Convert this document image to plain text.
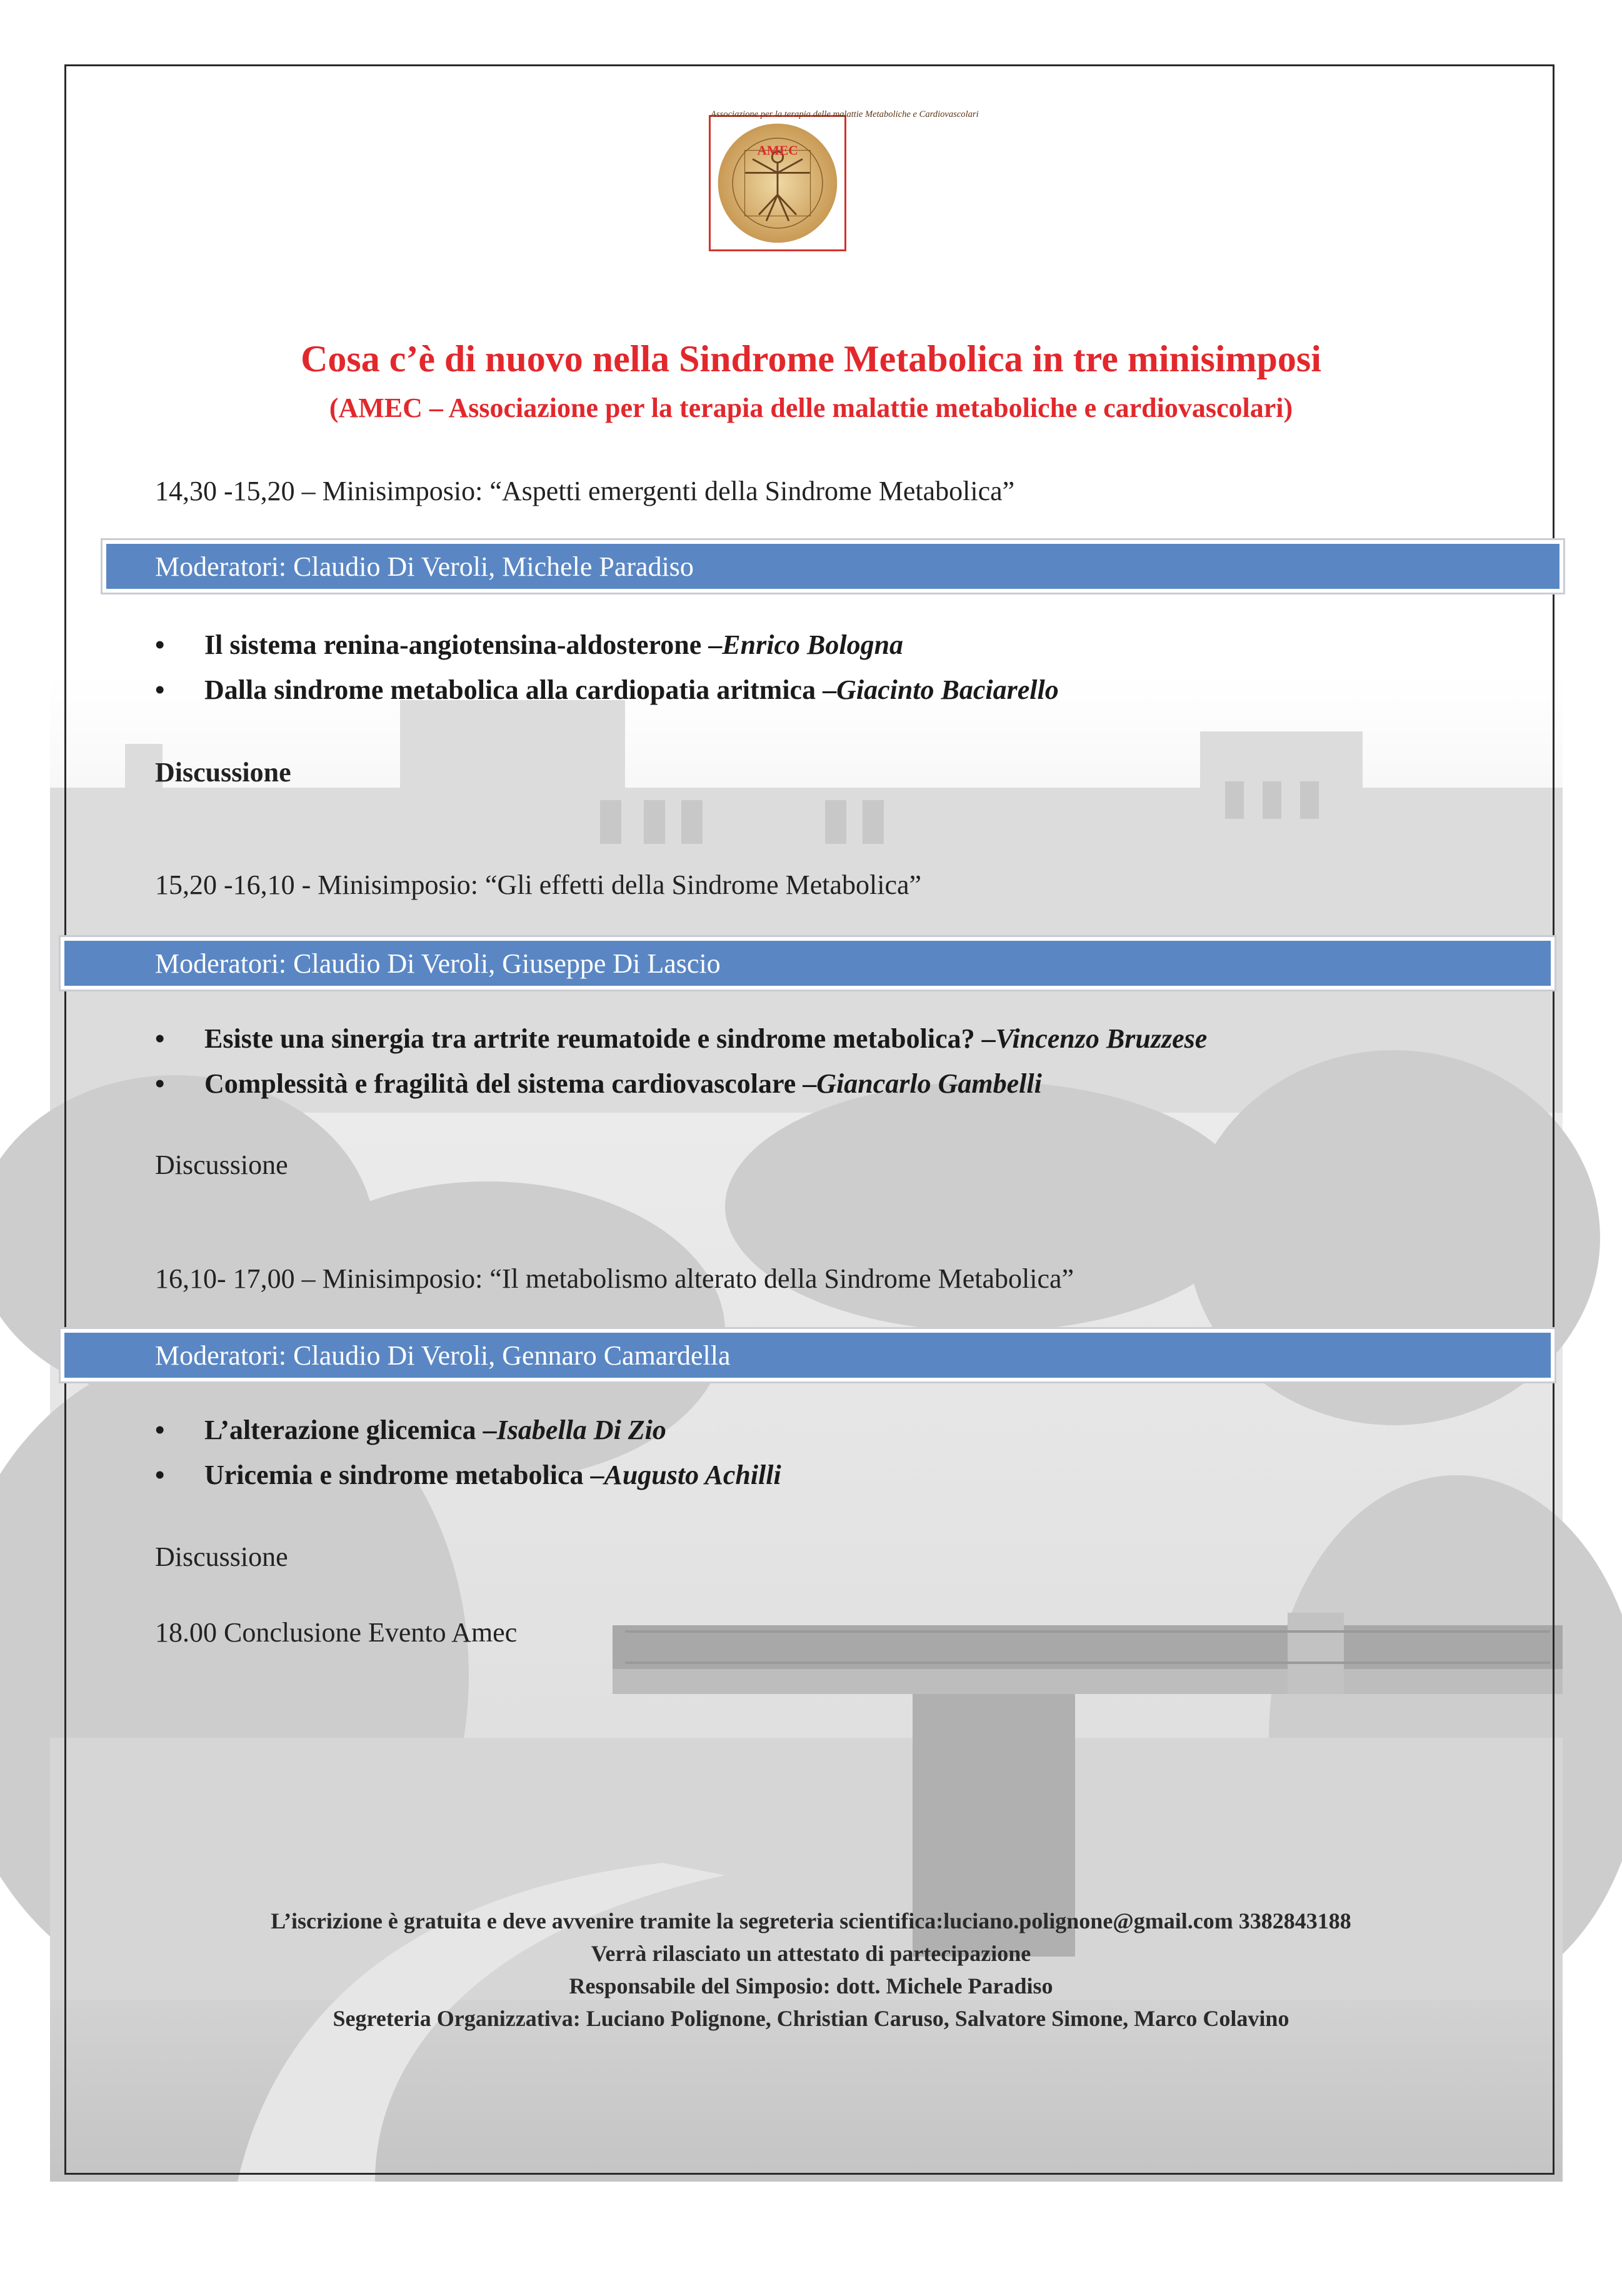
Associazione per la terapia delle malattie Metaboliche e Cardiovascolari
AMEC
Cosa c’è di nuovo nella Sindrome Metabolica in tre minisimposi
(AMEC – Associazione per la terapia delle malattie metaboliche e cardiovascolari)
14,30 -15,20 – Minisimposio: “Aspetti emergenti della Sindrome Metabolica”
Moderatori: Claudio Di Veroli, Michele Paradiso
•	Il sistema renina-angiotensina-aldosterone – Enrico Bologna
•	Dalla sindrome metabolica alla cardiopatia aritmica – Giacinto Baciarello
Discussione
15,20 -16,10 - Minisimposio: “Gli effetti della Sindrome Metabolica”
Moderatori: Claudio Di Veroli, Giuseppe Di Lascio
•	Esiste una sinergia tra artrite reumatoide e sindrome metabolica? – Vincenzo Bruzzese
•	Complessità e fragilità del sistema cardiovascolare – Giancarlo Gambelli
Discussione
16,10- 17,00 – Minisimposio: “Il metabolismo alterato della Sindrome Metabolica”
Moderatori: Claudio Di Veroli, Gennaro Camardella
•	L’alterazione glicemica – Isabella Di Zio
•	Uricemia e sindrome metabolica – Augusto Achilli
Discussione
18.00 Conclusione Evento Amec
L’iscrizione è gratuita e deve avvenire tramite la segreteria scientifica:luciano.polignone@gmail.com 3382843188
Verrà rilasciato un attestato di partecipazione
Responsabile del Simposio: dott. Michele Paradiso
Segreteria Organizzativa: Luciano Polignone, Christian Caruso, Salvatore Simone, Marco Colavino
